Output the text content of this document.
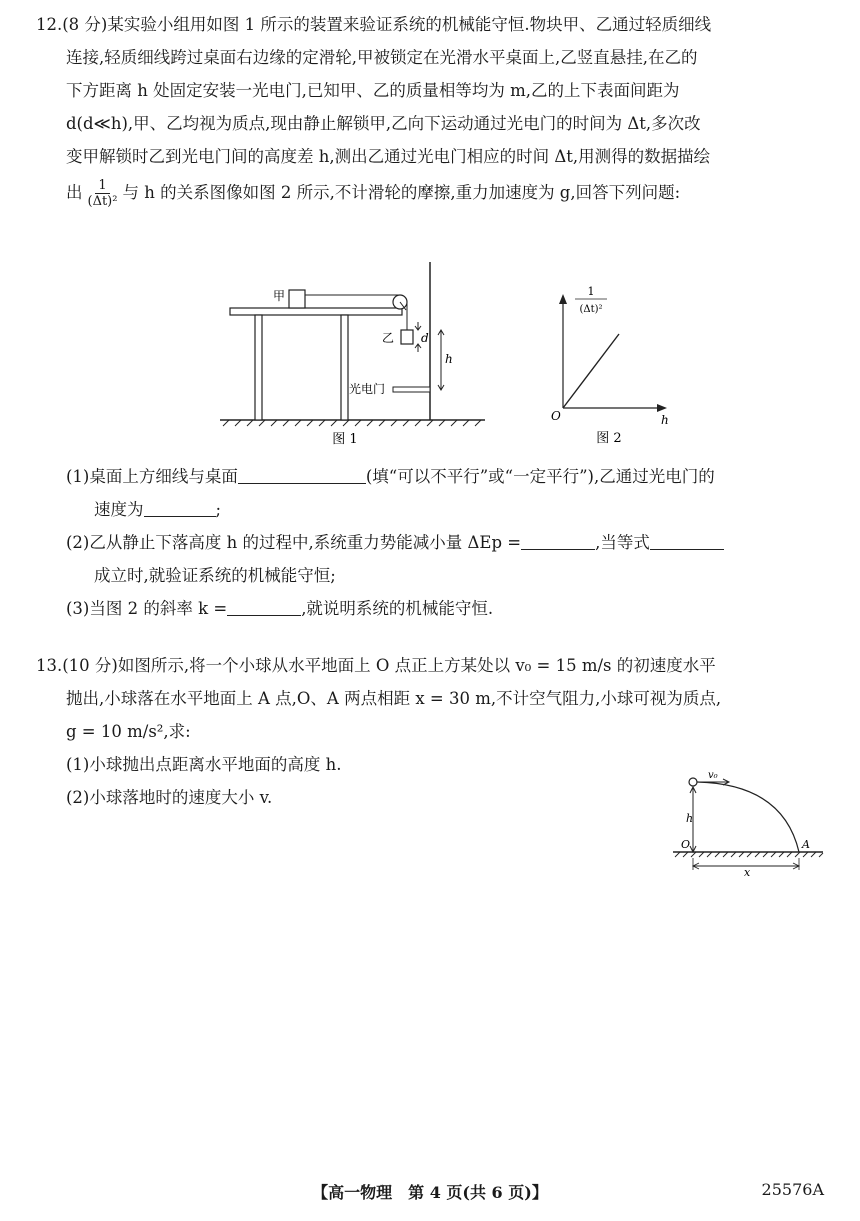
12.(8 分)某实验小组用如图 1 所示的装置来验证系统的机械能守恒.物块甲、乙通过轻质细线
连接,轻质细线跨过桌面右边缘的定滑轮,甲被锁定在光滑水平桌面上,乙竖直悬挂,在乙的
下方距离 h 处固定安装一光电门,已知甲、乙的质量相等均为 m,乙的上下表面间距为
d(d≪h),甲、乙均视为质点,现由静止解锁甲,乙向下运动通过光电门的时间为 Δt,多次改
变甲解锁时乙到光电门间的高度差 h,测出乙通过光电门相应的时间 Δt,用测得的数据描绘
出 $\frac{1}{\text{(Δt)²}}$ 与 h 的关系图像如图 2 所示,不计滑轮的摩擦,重力加速度为 g,回答下列问题:
甲
乙 d
h
光电门
图 1
1
(Δt)²
O	h
图 2
(1)桌面上方细线与桌面	(填“可以不平行”或“一定平行”),乙通过光电门的
速度为	;
(2)乙从静止下落高度 h 的过程中,系统重力势能减小量 ΔEp =	,当等式
成立时,就验证系统的机械能守恒;
(3)当图 2 的斜率 k =	,就说明系统的机械能守恒.
13.(10 分)如图所示,将一个小球从水平地面上 O 点正上方某处以 v₀ = 15 m/s 的初速度水平
抛出,小球落在水平地面上 A 点,O、A 两点相距 x = 30 m,不计空气阻力,小球可视为质点,
g = 10 m/s²,求:
(1)小球抛出点距离水平地面的高度 h.
(2)小球落地时的速度大小 v.
v₀
h
O	A
x
【高一物理　第 4 页(共 6 页)】	25576A
